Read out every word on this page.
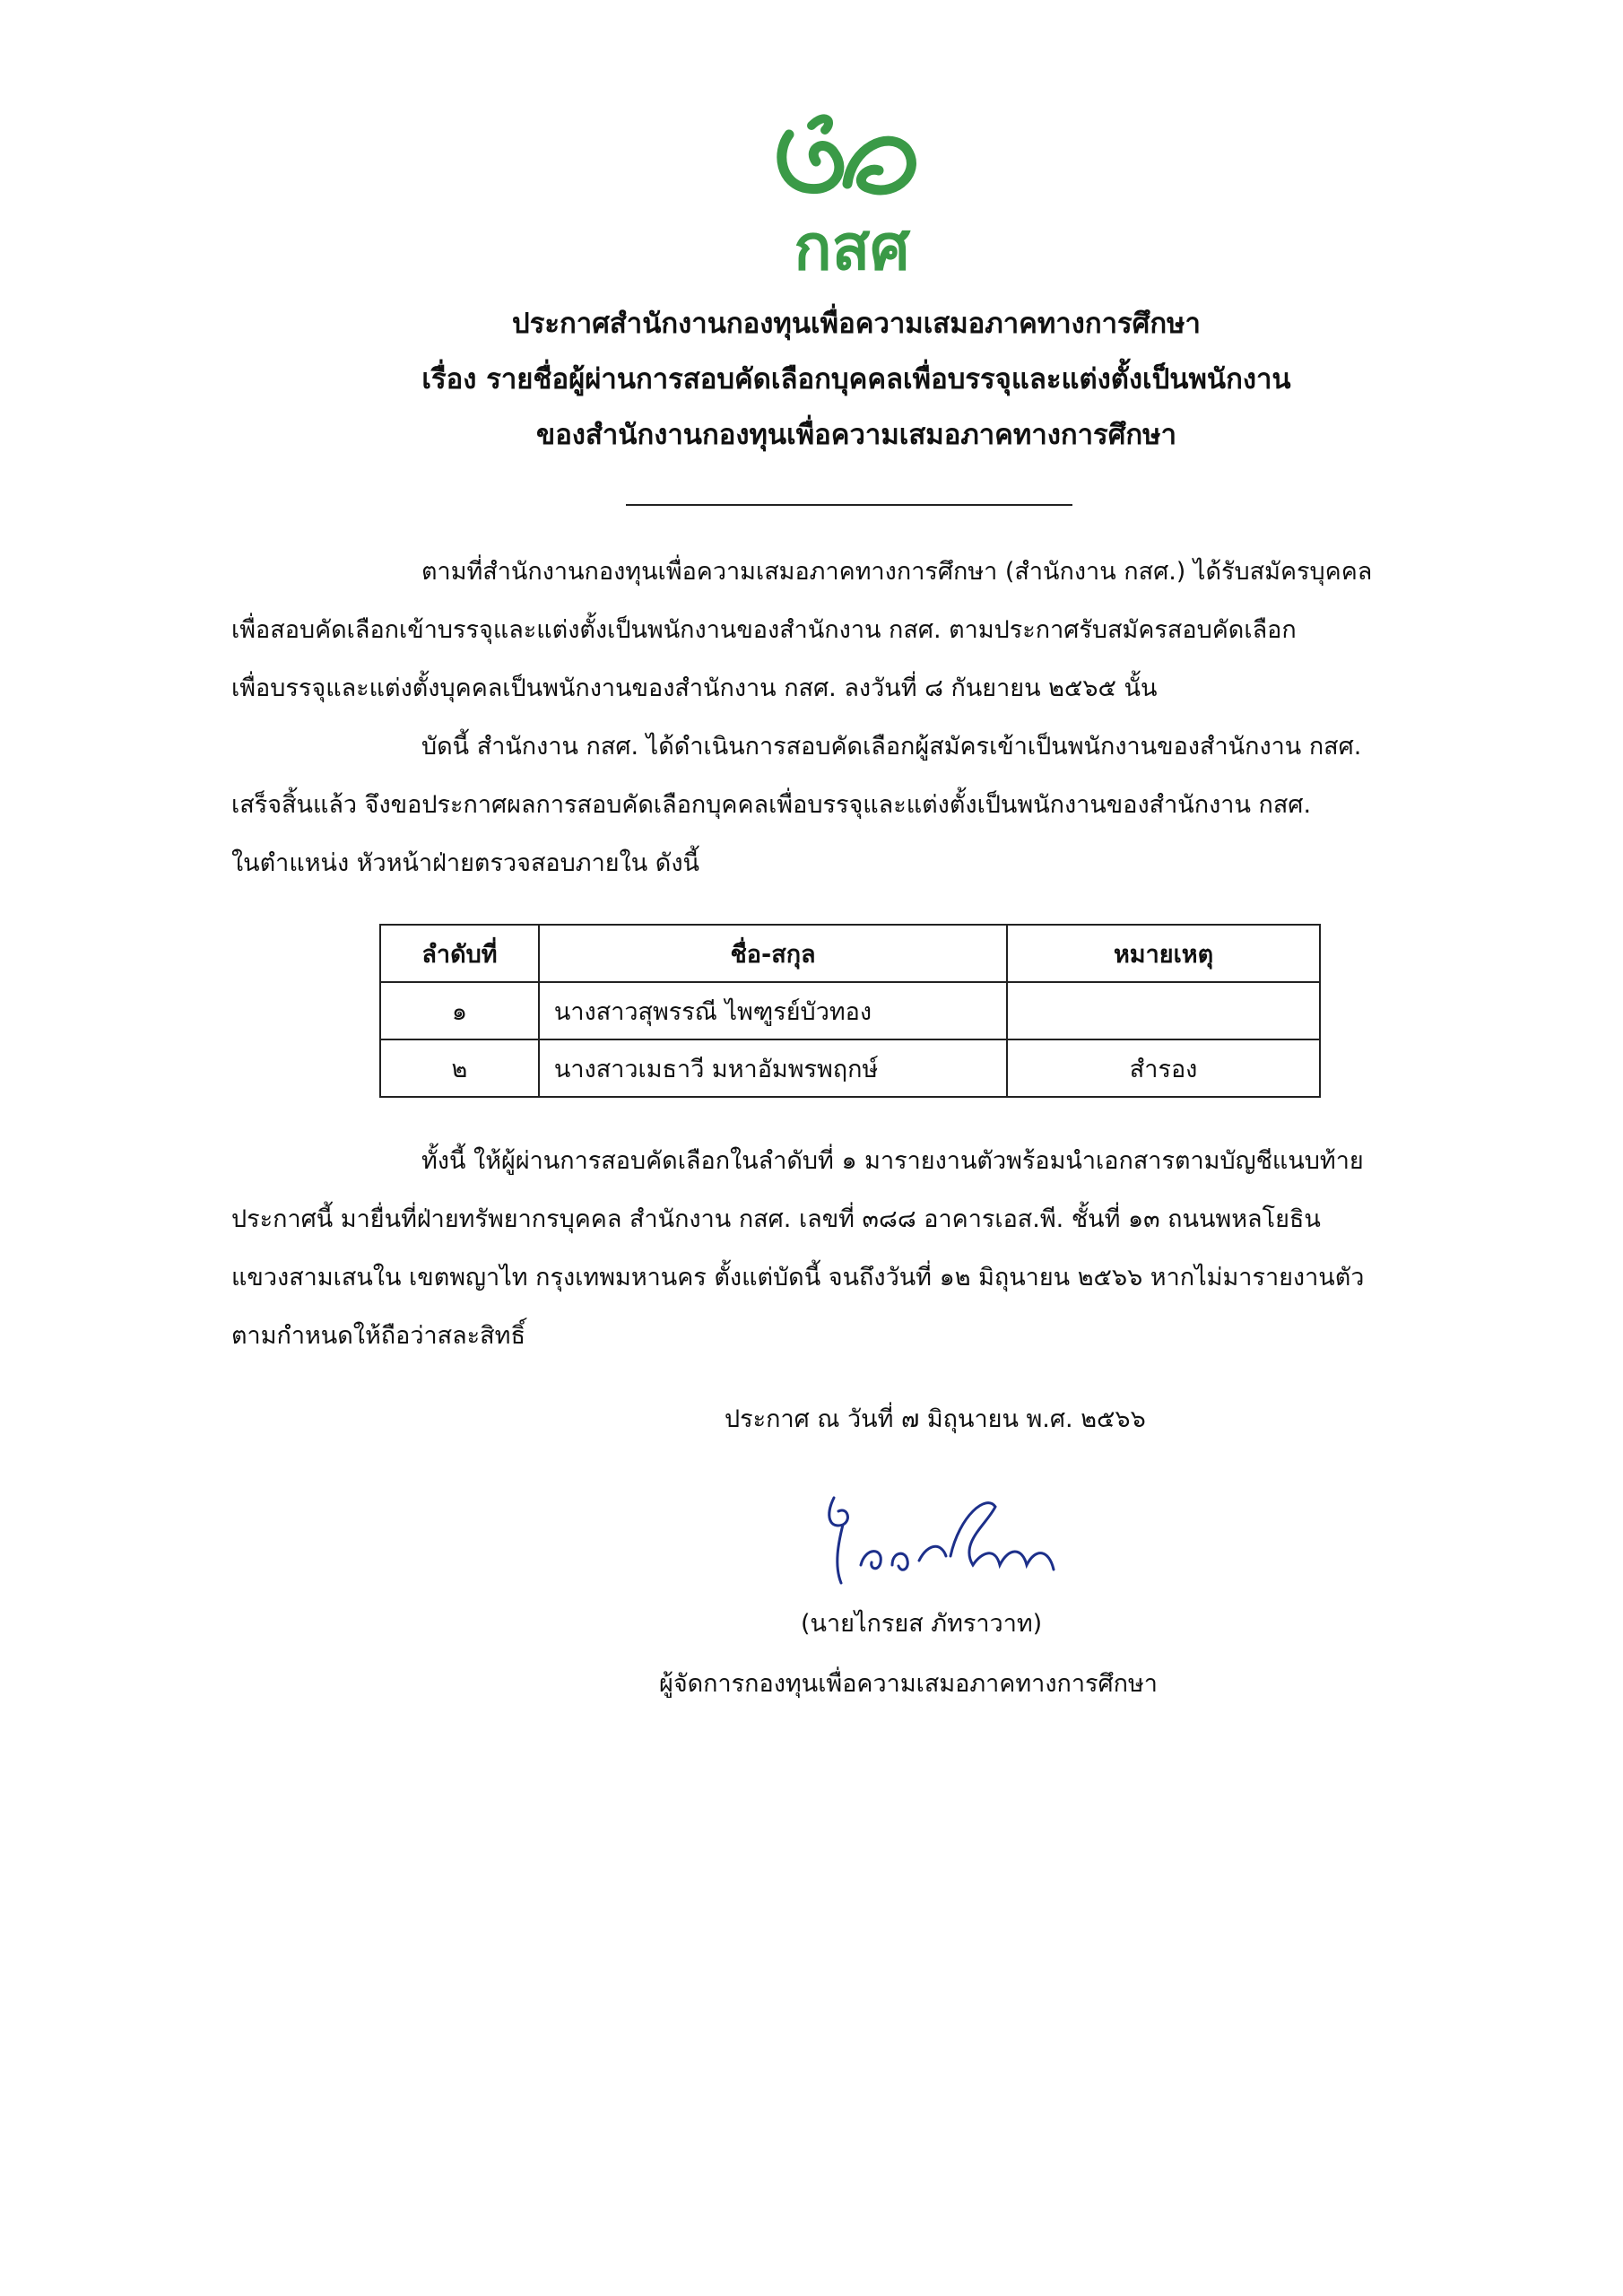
กสศ
ประกาศสำนักงานกองทุนเพื่อความเสมอภาคทางการศึกษา
เรื่อง รายชื่อผู้ผ่านการสอบคัดเลือกบุคคลเพื่อบรรจุและแต่งตั้งเป็นพนักงาน
ของสำนักงานกองทุนเพื่อความเสมอภาคทางการศึกษา
ตามที่สำนักงานกองทุนเพื่อความเสมอภาคทางการศึกษา (สำนักงาน กสศ.) ได้รับสมัครบุคคล
เพื่อสอบคัดเลือกเข้าบรรจุและแต่งตั้งเป็นพนักงานของสำนักงาน กสศ. ตามประกาศรับสมัครสอบคัดเลือก
เพื่อบรรจุและแต่งตั้งบุคคลเป็นพนักงานของสำนักงาน กสศ. ลงวันที่ ๘ กันยายน ๒๕๖๕ นั้น
บัดนี้ สำนักงาน กสศ. ได้ดำเนินการสอบคัดเลือกผู้สมัครเข้าเป็นพนักงานของสำนักงาน กสศ.
เสร็จสิ้นแล้ว จึงขอประกาศผลการสอบคัดเลือกบุคคลเพื่อบรรจุและแต่งตั้งเป็นพนักงานของสำนักงาน กสศ.
ในตำแหน่ง หัวหน้าฝ่ายตรวจสอบภายใน ดังนี้
ลำดับที่	ชื่อ-สกุล	หมายเหตุ
๑	นางสาวสุพรรณี ไพฑูรย์บัวทอง	
๒	นางสาวเมธาวี มหาอัมพรพฤกษ์	สำรอง
ทั้งนี้ ให้ผู้ผ่านการสอบคัดเลือกในลำดับที่ ๑ มารายงานตัวพร้อมนำเอกสารตามบัญชีแนบท้าย
ประกาศนี้ มายื่นที่ฝ่ายทรัพยากรบุคคล สำนักงาน กสศ. เลขที่ ๓๘๘ อาคารเอส.พี. ชั้นที่ ๑๓ ถนนพหลโยธิน
แขวงสามเสนใน เขตพญาไท กรุงเทพมหานคร ตั้งแต่บัดนี้ จนถึงวันที่ ๑๒ มิถุนายน ๒๕๖๖ หากไม่มารายงานตัว
ตามกำหนดให้ถือว่าสละสิทธิ์
ประกาศ ณ วันที่ ๗ มิถุนายน พ.ศ. ๒๕๖๖
(นายไกรยส ภัทราวาท)
ผู้จัดการกองทุนเพื่อความเสมอภาคทางการศึกษา
